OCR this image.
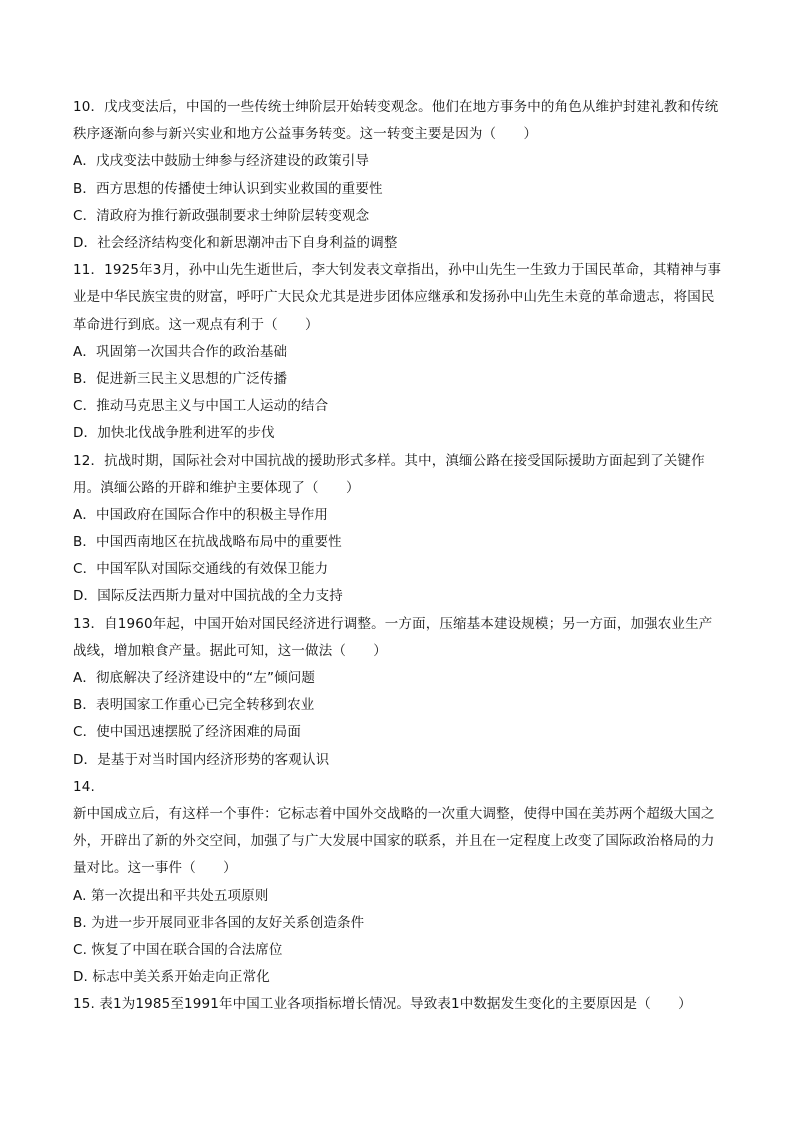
10．戊戌变法后，中国的一些传统士绅阶层开始转变观念。他们在地方事务中的角色从维护封建礼教和传统秩序逐渐向参与新兴实业和地方公益事务转变。这一转变主要是因为（　　）
A．戊戌变法中鼓励士绅参与经济建设的政策引导
B．西方思想的传播使士绅认识到实业救国的重要性
C．清政府为推行新政强制要求士绅阶层转变观念
D．社会经济结构变化和新思潮冲击下自身利益的调整
11．1925年3月，孙中山先生逝世后，李大钊发表文章指出，孙中山先生一生致力于国民革命，其精神与事业是中华民族宝贵的财富，呼吁广大民众尤其是进步团体应继承和发扬孙中山先生未竟的革命遗志，将国民革命进行到底。这一观点有利于（　　）
A．巩固第一次国共合作的政治基础
B．促进新三民主义思想的广泛传播
C．推动马克思主义与中国工人运动的结合
D．加快北伐战争胜利进军的步伐
12．抗战时期，国际社会对中国抗战的援助形式多样。其中，滇缅公路在接受国际援助方面起到了关键作用。滇缅公路的开辟和维护主要体现了（　　）
A．中国政府在国际合作中的积极主导作用
B．中国西南地区在抗战战略布局中的重要性
C．中国军队对国际交通线的有效保卫能力
D．国际反法西斯力量对中国抗战的全力支持
13．自1960年起，中国开始对国民经济进行调整。一方面，压缩基本建设规模；另一方面，加强农业生产战线，增加粮食产量。据此可知，这一做法（　　）
A．彻底解决了经济建设中的“左”倾问题
B．表明国家工作重心已完全转移到农业
C．使中国迅速摆脱了经济困难的局面
D．是基于对当时国内经济形势的客观认识
14.
新中国成立后，有这样一个事件：它标志着中国外交战略的一次重大调整，使得中国在美苏两个超级大国之外，开辟出了新的外交空间，加强了与广大发展中国家的联系，并且在一定程度上改变了国际政治格局的力量对比。这一事件（　　）
A. 第一次提出和平共处五项原则
B. 为进一步开展同亚非各国的友好关系创造条件
C. 恢复了中国在联合国的合法席位
D. 标志中美关系开始走向正常化
15. 表1为1985至1991年中国工业各项指标增长情况。导致表1中数据发生变化的主要原因是（　　）
